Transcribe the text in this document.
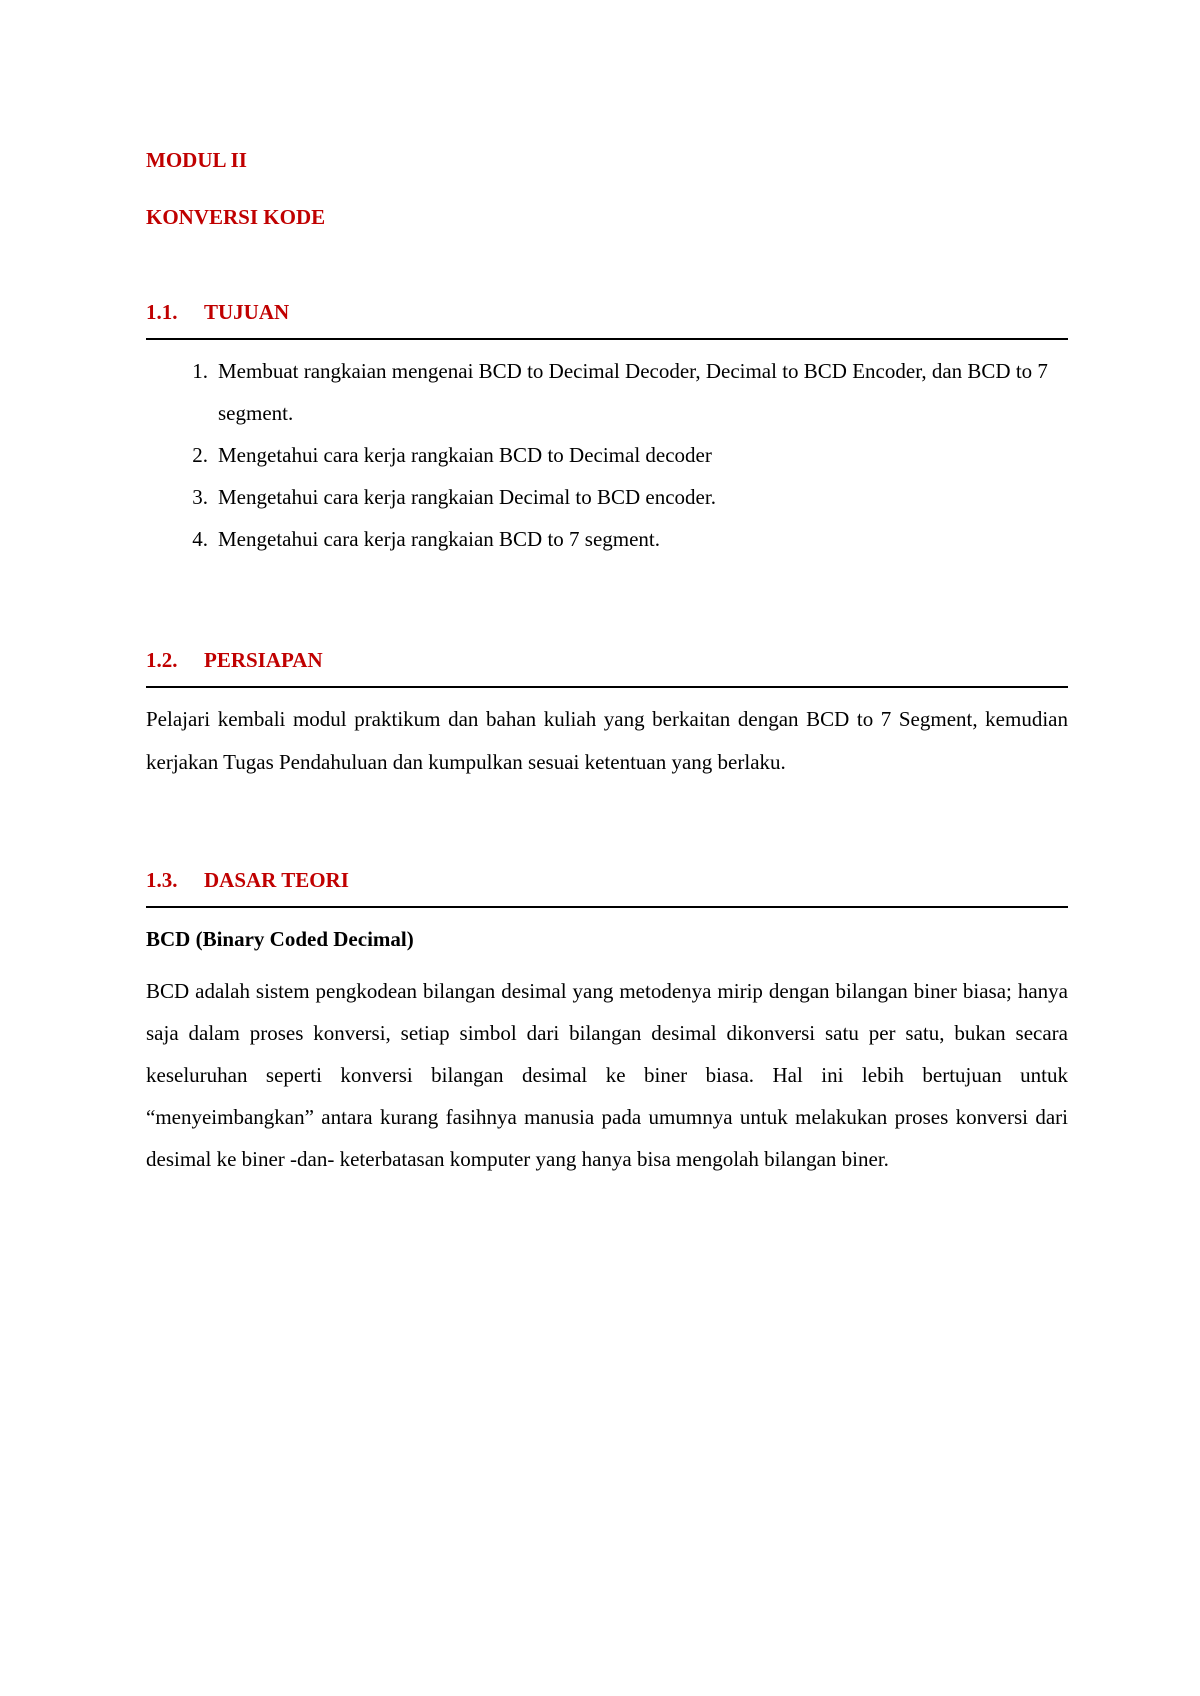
MODUL II

KONVERSI KODE

1.1.	TUJUAN

1. Membuat rangkaian mengenai BCD to Decimal Decoder, Decimal to BCD Encoder, dan BCD to 7 segment.
2. Mengetahui cara kerja rangkaian BCD to Decimal decoder
3. Mengetahui cara kerja rangkaian Decimal to BCD encoder.
4. Mengetahui cara kerja rangkaian BCD to 7 segment.

1.2.	PERSIAPAN

Pelajari kembali modul praktikum dan bahan kuliah yang berkaitan dengan BCD to 7 Segment, kemudian kerjakan Tugas Pendahuluan dan kumpulkan sesuai ketentuan yang berlaku.

1.3.	DASAR TEORI

BCD (Binary Coded Decimal)

BCD adalah sistem pengkodean bilangan desimal yang metodenya mirip dengan bilangan biner biasa; hanya saja dalam proses konversi, setiap simbol dari bilangan desimal dikonversi satu per satu, bukan secara keseluruhan seperti konversi bilangan desimal ke biner biasa. Hal ini lebih bertujuan untuk “menyeimbangkan” antara kurang fasihnya manusia pada umumnya untuk melakukan proses konversi dari desimal ke biner -dan- keterbatasan komputer yang hanya bisa mengolah bilangan biner.
